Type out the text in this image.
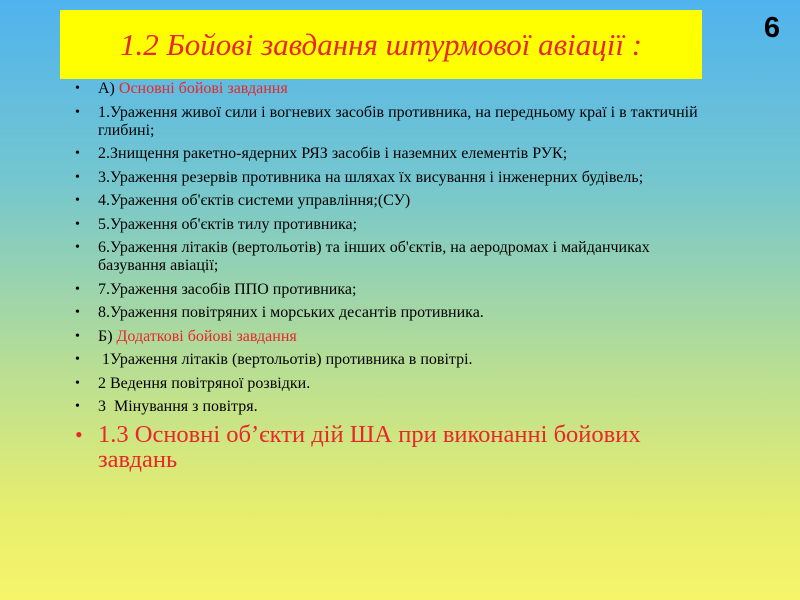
1.2 Бойові завдання штурмової авіації :	6
• А) Основні бойові завдання
• 1.Ураження живої сили і вогневих засобів противника, на передньому краї і в тактичній глибині;
• 2.Знищення ракетно-ядерних РЯЗ засобів і наземних елементів РУК;
• 3.Ураження резервів противника на шляхах їх висування і інженерних будівель;
• 4.Ураження об'єктів системи управління;(СУ)
• 5.Ураження об'єктів тилу противника;
• 6.Ураження літаків (вертольотів) та інших об'єктів, на аеродромах і майданчиках базування авіації;
• 7.Ураження засобів ППО противника;
• 8.Ураження повітряних і морських десантів противника.
• Б) Додаткові бойові завдання
• 1Ураження літаків (вертольотів) противника в повітрі.
• 2 Ведення повітряної розвідки.
• 3  Мінування з повітря.
• 1.3 Основні об’єкти дій ША при виконанні бойових завдань
